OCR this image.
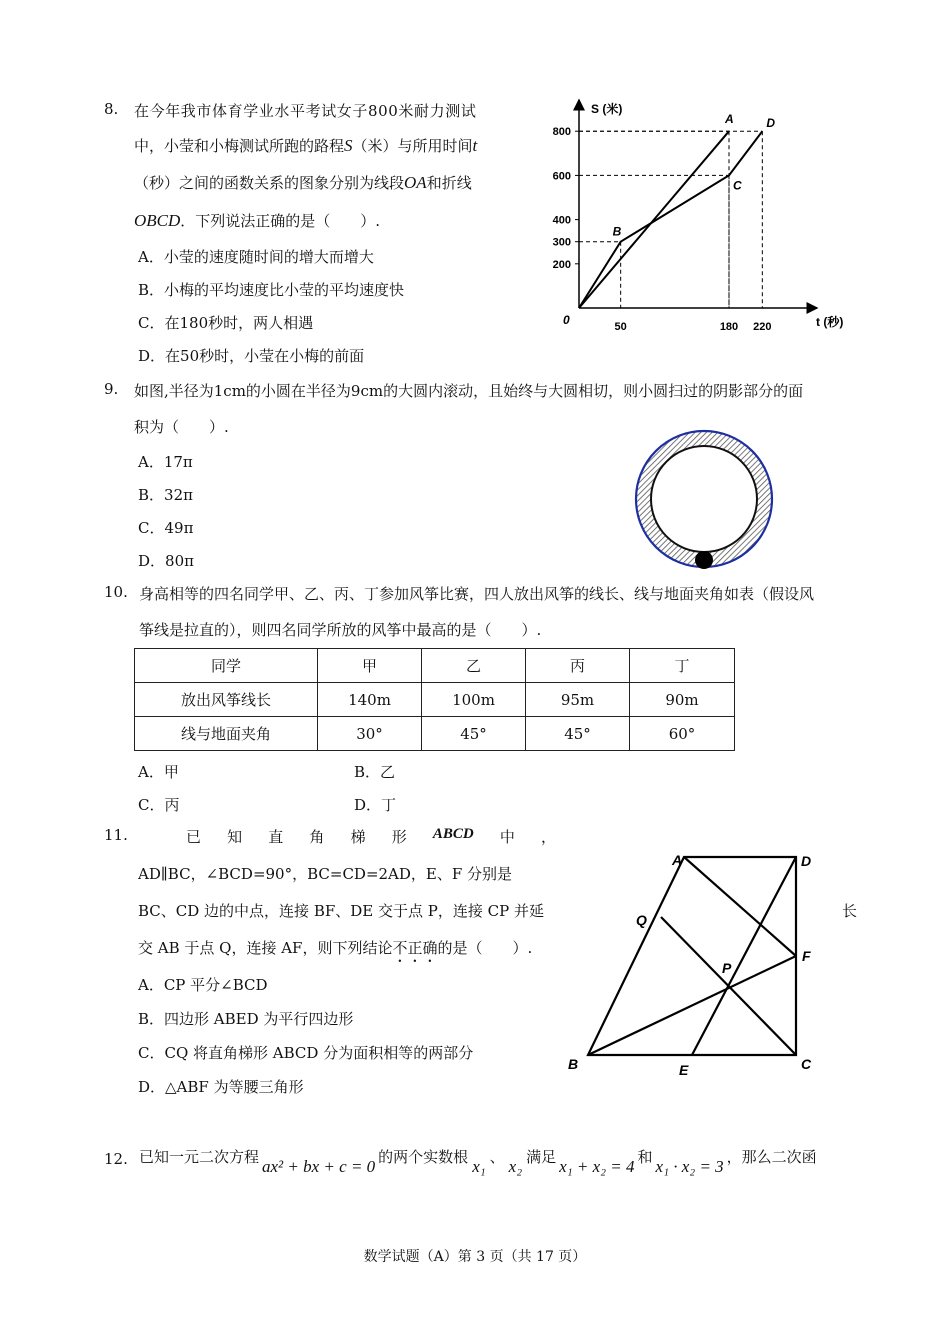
8. 在今年我市体育学业水平考试女子800米耐力测试
中，小莹和小梅测试所跑的路程S（米）与所用时间t
（秒）之间的函数关系的图象分别为线段OA和折线
OBCD．下列说法正确的是（　　）.
A．小莹的速度随时间的增大而增大
B．小梅的平均速度比小莹的平均速度快
C．在180秒时，两人相遇
D．在50秒时，小莹在小梅的前面
S (米)
t (秒)
0
200
300
400
600
800
50	180 220
A
B
C
D
9. 如图,半径为1cm的小圆在半径为9cm的大圆内滚动，且始终与大圆相切，则小圆扫过的阴影部分的面
积为（　　）.
A．17π
B．32π
C．49π
D．80π
10. 身高相等的四名同学甲、乙、丙、丁参加风筝比赛，四人放出风筝的线长、线与地面夹角如表（假设风
筝线是拉直的），则四名同学所放的风筝中最高的是（　　）.
同学	甲	乙	丙	丁
放出风筝线长	140m	100m	95m	90m
线与地面夹角	30°	45°	45°	60°
A．甲	B．乙
C．丙	D．丁
11.	已 知 直 角 梯 形 ABCD 中 ，
AD∥BC，∠BCD=90°，BC=CD=2AD，E、F 分别是
BC、CD 边的中点，连接 BF、DE 交于点 P，连接 CP 并延	长
交 AB 于点 Q，连接 AF，则下列结论不正确的是（　　）.
A．CP 平分∠BCD
B．四边形 ABED 为平行四边形
C．CQ 将直角梯形 ABCD 分为面积相等的两部分
D．△ABF 为等腰三角形
A	D
Q
F
P
B	E	C
12. 已知一元二次方程 ax² + bx + c = 0 的两个实数根 x₁ 、 x₂ 满足 x₁ + x₂ = 4 和 x₁ · x₂ = 3 ，那么二次函
数学试题（A）第 3 页（共 17 页）
